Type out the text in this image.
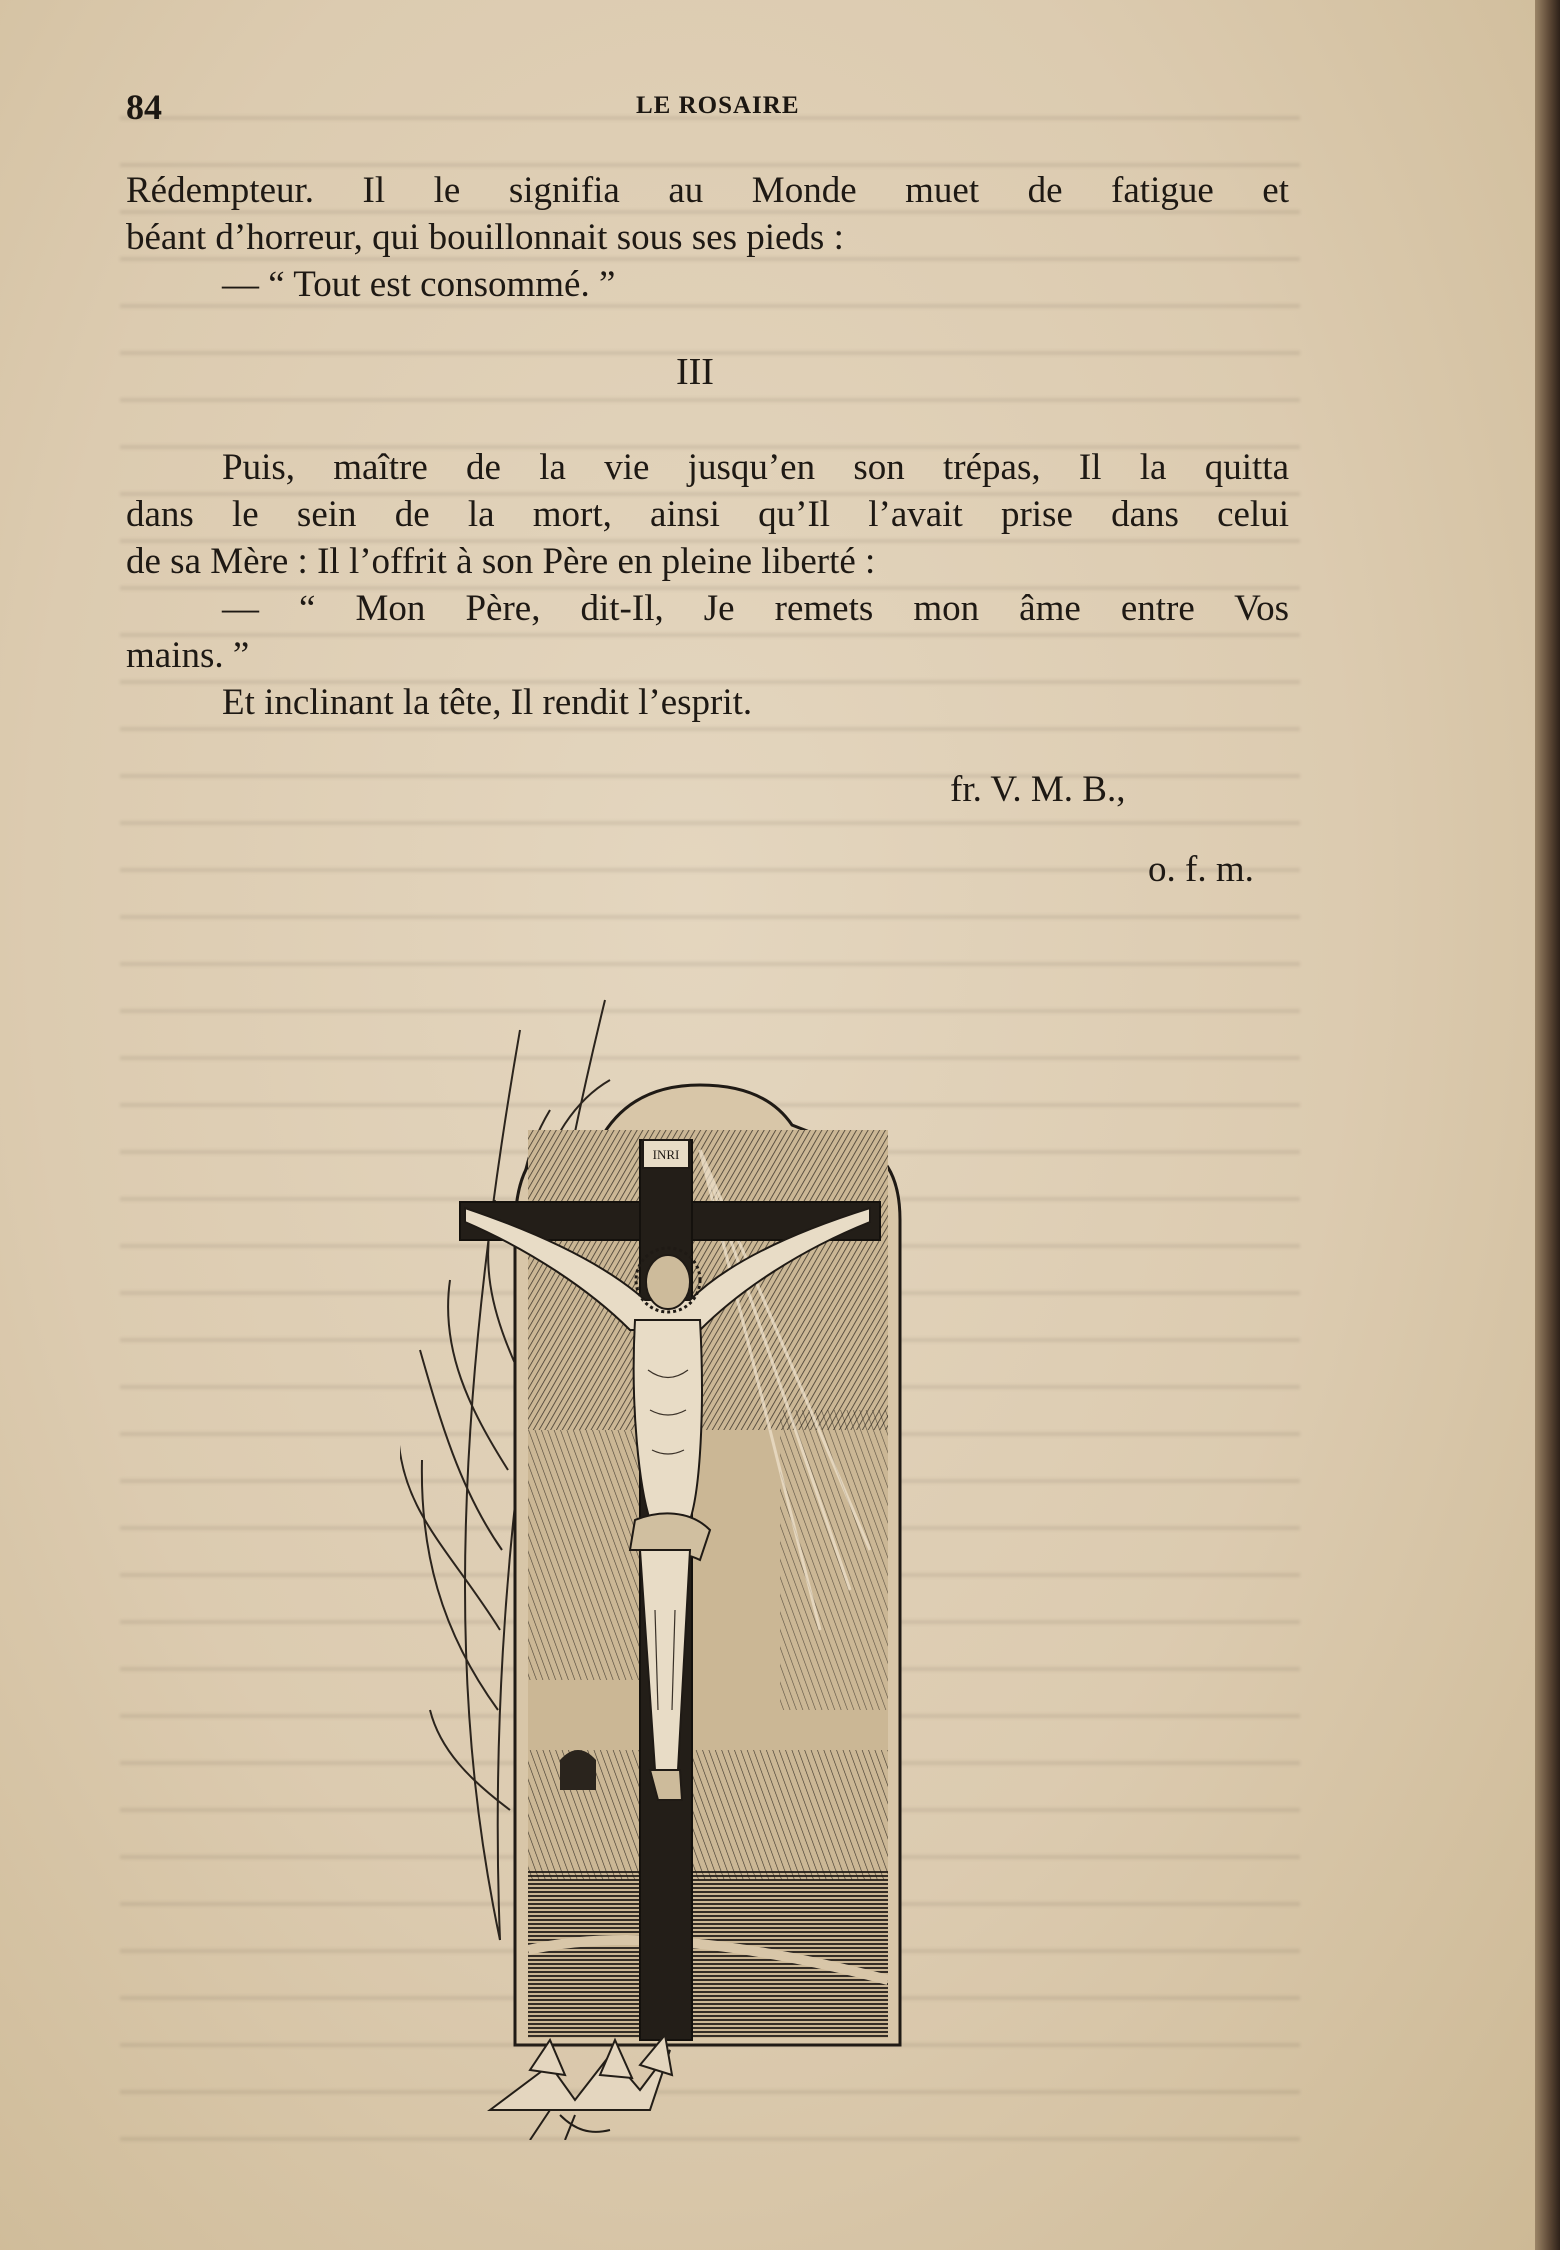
84	LE ROSAIRE
Rédempteur. Il le signifia au Monde muet de fatigue et
béant d’horreur, qui bouillonnait sous ses pieds :
— “ Tout est consommé. ”
III
Puis, maître de la vie jusqu’en son trépas, Il la quitta
dans le sein de la mort, ainsi qu’Il l’avait prise dans celui
de sa Mère : Il l’offrit à son Père en pleine liberté :
— “ Mon Père, dit-Il, Je remets mon âme entre Vos
mains. ”
Et inclinant la tête, Il rendit l’esprit.
fr. V. M. B.,
o. f. m.
INRI
